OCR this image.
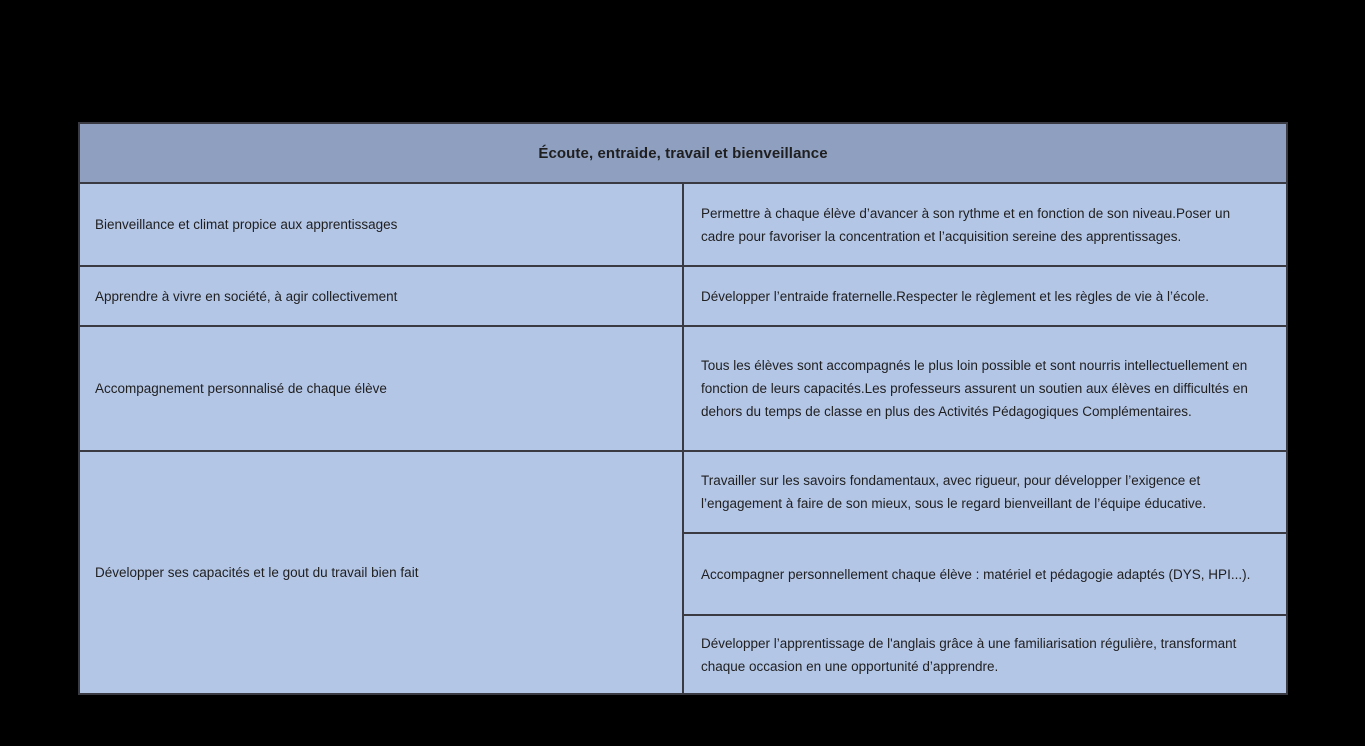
Écoute, entraide, travail et bienveillance	
Bienveillance et climat propice aux apprentissages	Permettre à chaque élève d’avancer à son rythme et en fonction de son niveau.Poser un cadre pour favoriser la concentration et l’acquisition sereine des apprentissages.
Apprendre à vivre en société, à agir collectivement	Développer l’entraide fraternelle.Respecter le règlement et les règles de vie à l’école.
Accompagnement personnalisé de chaque élève	Tous les élèves sont accompagnés le plus loin possible et sont nourris intellectuellement en fonction de leurs capacités.Les professeurs assurent un soutien aux élèves en difficultés en dehors du temps de classe en plus des Activités Pédagogiques Complémentaires.
Développer ses capacités et le gout du travail bien fait	Travailler sur les savoirs fondamentaux, avec rigueur, pour développer l’exigence et l’engagement à faire de son mieux, sous le regard bienveillant de l’équipe éducative.
	Accompagner personnellement chaque élève : matériel et pédagogie adaptés (DYS, HPI...).
	Développer l’apprentissage de l'anglais grâce à une familiarisation régulière, transformant chaque occasion en une opportunité d’apprendre.
